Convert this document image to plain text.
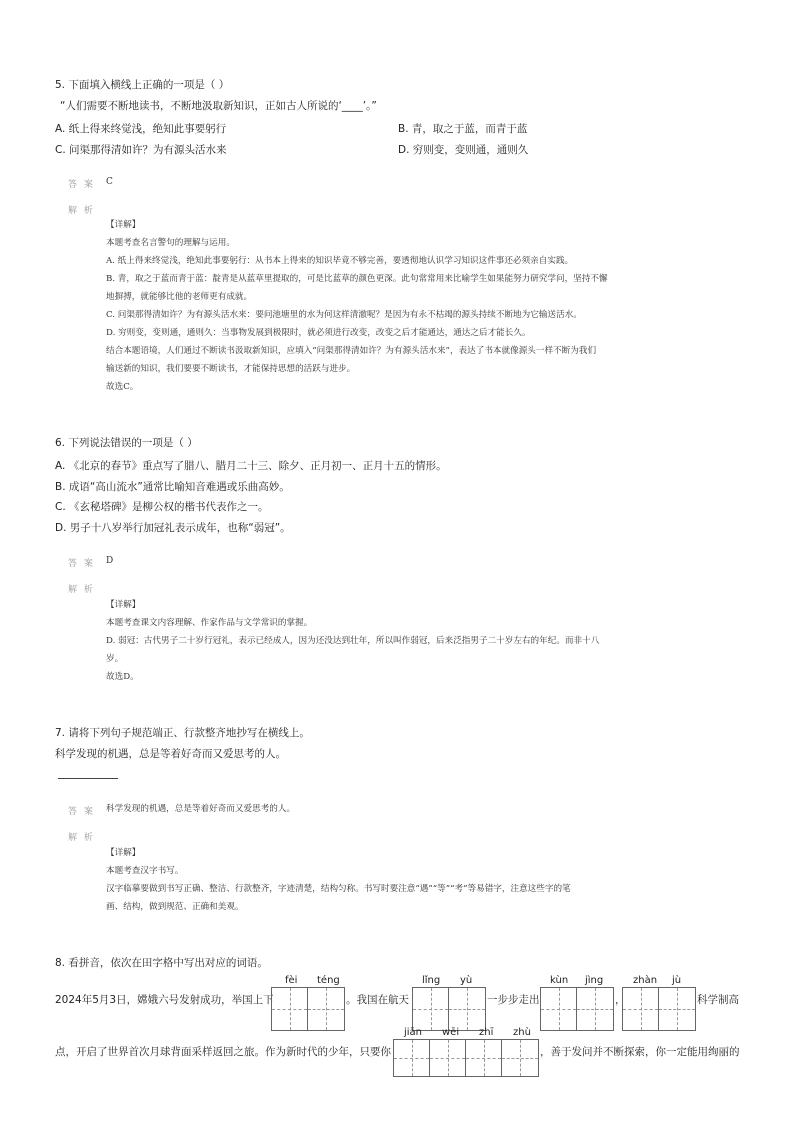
5. 下面填入横线上正确的一项是（ ）
“人们需要不断地读书，不断地汲取新知识，正如古人所说的‘____’。”
A. 纸上得来终觉浅，绝知此事要躬行	B. 青，取之于蓝，而青于蓝
C. 问渠那得清如许？为有源头活水来	D. 穷则变，变则通，通则久
答 案 C
解 析
【详解】
本题考查名言警句的理解与运用。
A. 纸上得来终觉浅，绝知此事要躬行：从书本上得来的知识毕竟不够完善，要透彻地认识学习知识这件事还必须亲自实践。
B. 青，取之于蓝而青于蓝：靛青是从蓝草里提取的，可是比蓝草的颜色更深。此句常常用来比喻学生如果能努力研究学问，坚持不懈
地摒搏，就能够比他的老师更有成就。
C. 问渠那得清如许？为有源头活水来：要问池塘里的水为何这样清澈呢？是因为有永不枯竭的源头持续不断地为它输送活水。
D. 穷则变，变则通，通则久：当事物发展到极限时，就必须进行改变，改变之后才能通达，通达之后才能长久。
结合本题语境，人们通过不断读书汲取新知识，应填入“问渠那得清如许？为有源头活水来”，表达了书本就像源头一样不断为我们
输送新的知识，我们要要不断读书，才能保持思想的活跃与进步。
故选C。
6. 下列说法错误的一项是（ ）
A. 《北京的春节》重点写了腊八、腊月二十三、除夕、正月初一、正月十五的情形。
B. 成语“高山流水”通常比喻知音难遇或乐曲高妙。
C. 《玄秘塔碑》是柳公权的楷书代表作之一。
D. 男子十八岁举行加冠礼表示成年，也称“弱冠”。
答 案 D
解 析
【详解】
本题考查课文内容理解、作家作品与文学常识的掌握。
D. 弱冠：古代男子二十岁行冠礼，表示已经成人，因为还没达到壮年，所以叫作弱冠，后来泛指男子二十岁左右的年纪。而非十八
岁。
故选D。
7. 请将下列句子规范端正、行款整齐地抄写在横线上。
科学发现的机遇，总是等着好奇而又爱思考的人。
答 案 科学发现的机遇，总是等着好奇而又爱思考的人。
解 析
【详解】
本题考查汉字书写。
汉字临摹要做到书写正确、整洁、行款整齐，字迹清楚，结构匀称。书写时要注意“遇”“等”“考”等易错字，注意这些字的笔
画、结构，做到规范、正确和美观。
8. 看拼音，依次在田字格中写出对应的词语。
fèi téng	lǐng yù	kùn jìng	zhàn jù
2024年5月3日，嫦娥六号发射成功，举国上下	。我国在航天	一步步走出	，	科学制高
jiān wēi zhī zhù
点，开启了世界首次月球背面采样返回之旅。作为新时代的少年，只要你	，善于发问并不断探索，你一定能用绚丽的
